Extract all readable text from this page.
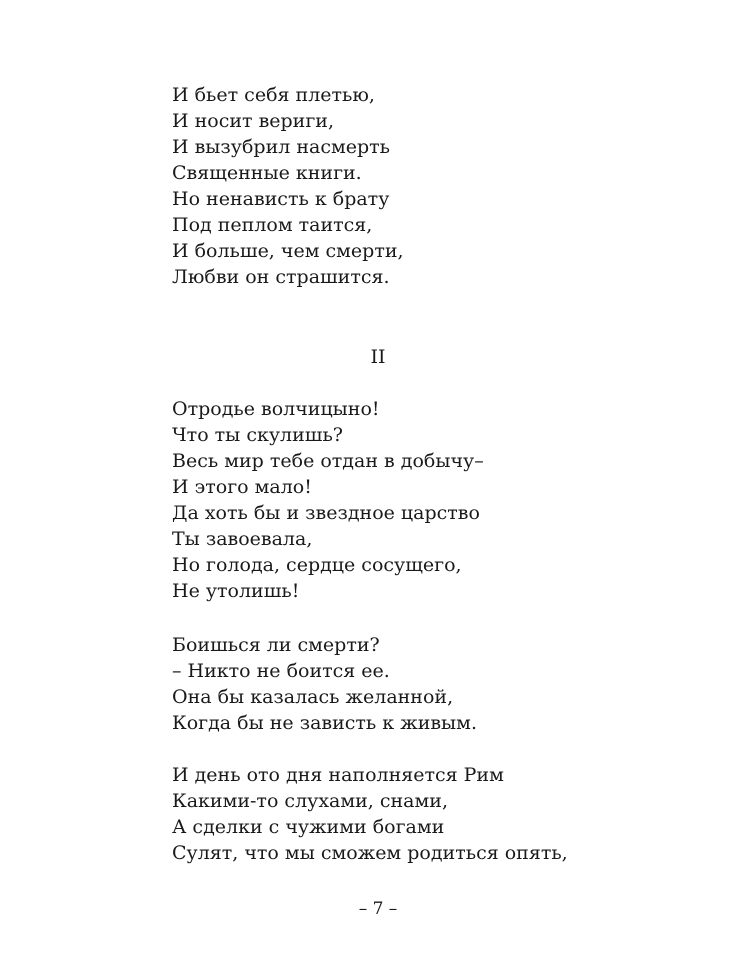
И бьет себя плетью,
И носит вериги,
И вызубрил насмерть
Священные книги.
Но ненависть к брату
Под пеплом таится,
И больше, чем смерти,
Любви он страшится.
II
Отродье волчицыно!
Что ты скулишь?
Весь мир тебе отдан в добычу–
И этого мало!
Да хоть бы и звездное царство
Ты завоевала,
Но голода, сердце сосущего,
Не утолишь!
Боишься ли смерти?
– Никто не боится ее.
Она бы казалась желанной,
Когда бы не зависть к живым.
И день ото дня наполняется Рим
Какими-то слухами, снами,
А сделки с чужими богами
Сулят, что мы сможем родиться опять,
– 7 –
